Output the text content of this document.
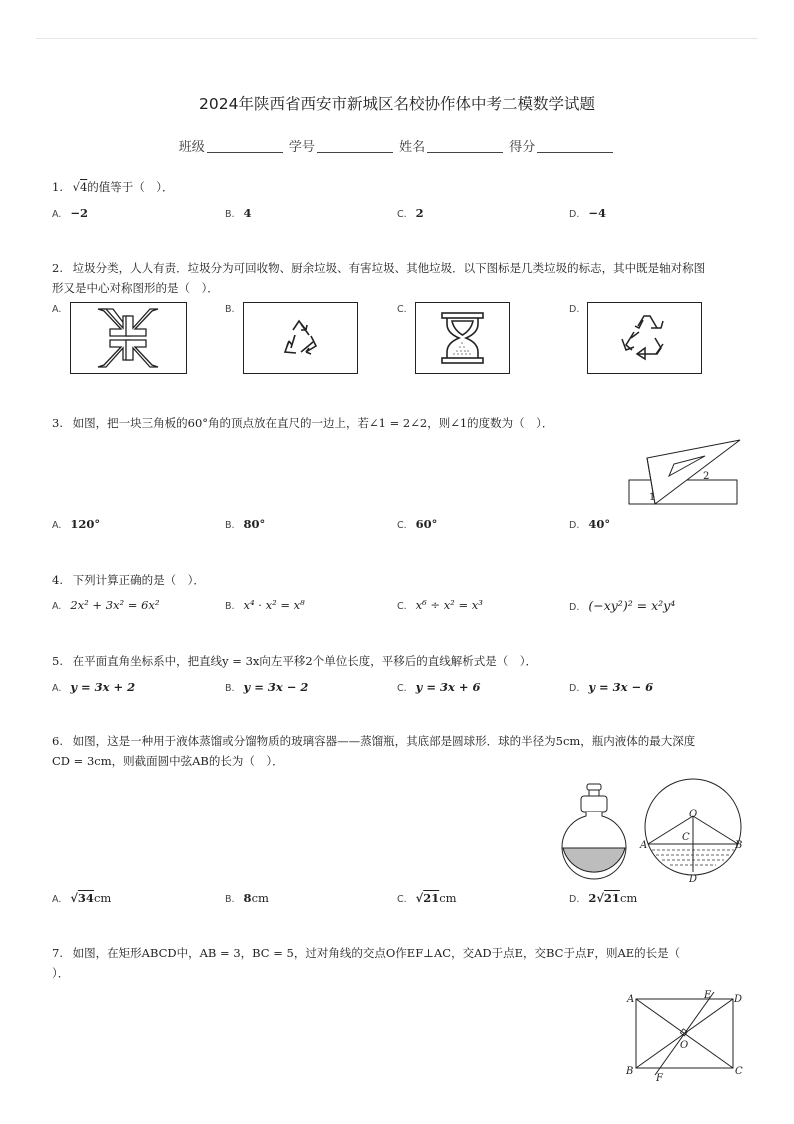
2024年陕西省西安市新城区名校协作体中考二模数学试题
班级	学号	姓名	得分
1. √4的值等于（　）．
A. −2	B. 4	C. 2	D. −4
2. 垃圾分类，人人有责．垃圾分为可回收物、厨余垃圾、有害垃圾、其他垃圾．以下图标是几类垃圾的标志，其中既是轴对称图
形又是中心对称图形的是（　）．
A.	B.	C.	D.
3. 如图，把一块三角板的60°角的顶点放在直尺的一边上，若∠1 = 2∠2，则∠1的度数为（　）．
1
2
A. 120°	B. 80°	C. 60°	D. 40°
4. 下列计算正确的是（　）．
A. 2x² + 3x² = 6x²	B. x⁴ · x² = x⁸	C. x⁶ ÷ x² = x³	D. (−xy²)² = x²y⁴
5. 在平面直角坐标系中，把直线y = 3x向左平移2个单位长度，平移后的直线解析式是（　）．
A. y = 3x + 2	B. y = 3x − 2	C. y = 3x + 6	D. y = 3x − 6
6. 如图，这是一种用于液体蒸馏或分馏物质的玻璃容器——蒸馏瓶，其底部是圆球形．球的半径为5cm，瓶内液体的最大深度
CD = 3cm，则截面圆中弦AB的长为（　）．
O
C
A	B
D
A. √34cm	B. 8cm	C. √21cm	D. 2√21cm
7. 如图，在矩形ABCD中，AB = 3，BC = 5，过对角线的交点O作EF⊥AC，交AD于点E，交BC于点F，则AE的长是（
）．
A
B	C
D
E
F
O
